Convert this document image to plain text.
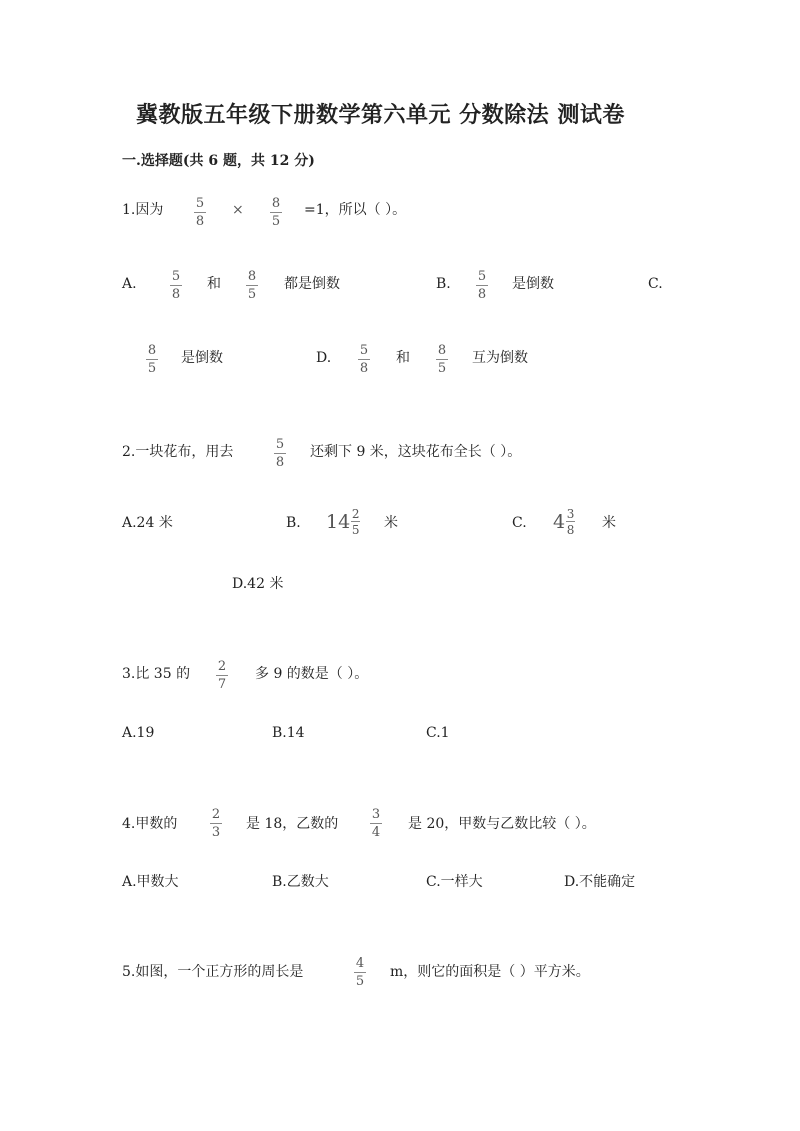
冀教版五年级下册数学第六单元 分数除法 测试卷
一.选择题(共 6 题，共 12 分)
1.因为	5
8
× 8
5
=1，所以（ ）。
A.	5
8
和 8
5
都是倒数	B. 5
8
是倒数	C.
8
5
是倒数	D. 5
8
和 8
5
互为倒数
2.一块花布，用去	5
8
还剩下 9 米，这块花布全长（ ）。
A.24 米	B. $14 \frac{2}{5}$ 米	C. $4 \frac{3}{8}$ 米
D.42 米
3.比 35 的 2
7
多 9 的数是（ ）。
A.19	B.14	C.1
4.甲数的
2
3
是 18，乙数的
3
4
是 20，甲数与乙数比较（ ）。
A.甲数大	B.乙数大	C.一样大	D.不能确定
5.如图，一个正方形的周长是
4
5
m，则它的面积是（ ）平方米。
